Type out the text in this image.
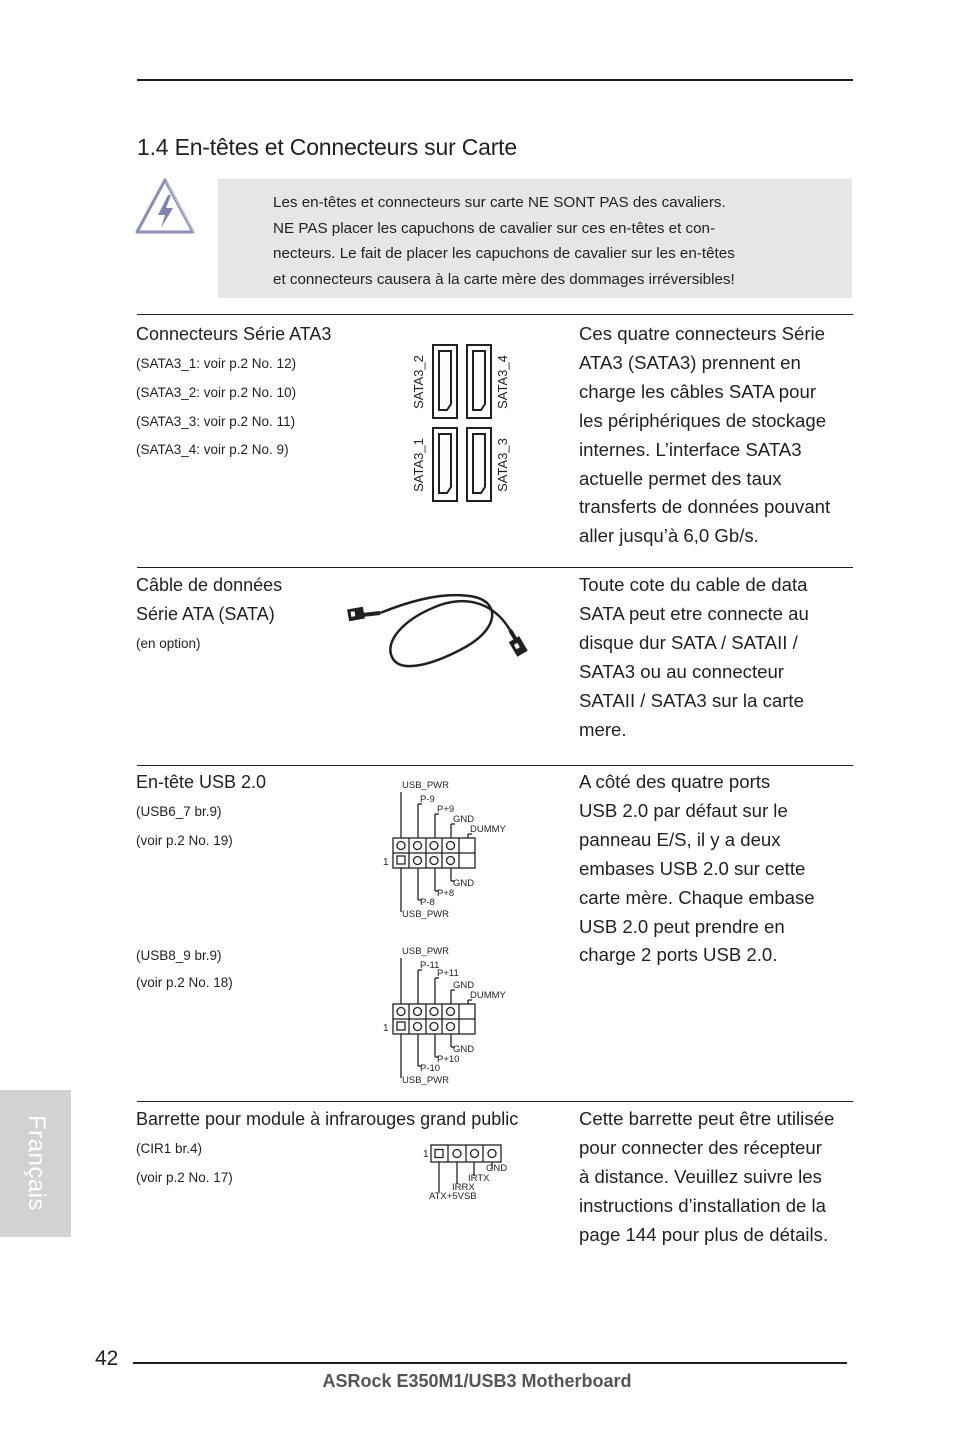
1.4 En-têtes et Connecteurs sur Carte
Les en-têtes et connecteurs sur carte NE SONT PAS des cavaliers.
NE PAS placer les capuchons de cavalier sur ces en-têtes et con-
necteurs. Le fait de placer les capuchons de cavalier sur les en-têtes
et connecteurs causera à la carte mère des dommages irréversibles!
Connecteurs Série ATA3
(SATA3_1: voir p.2 No. 12)
(SATA3_2: voir p.2 No. 10)
(SATA3_3: voir p.2 No. 11)
(SATA3_4: voir p.2 No. 9)
SATA3_2	SATA3_4
SATA3_1	SATA3_3
Ces quatre connecteurs Série
ATA3 (SATA3) prennent en
charge les câbles SATA pour
les périphériques de stockage
internes. L’interface SATA3
actuelle permet des taux
transferts de données pouvant
aller jusqu’à 6,0 Gb/s.
Câble de données
Série ATA (SATA)
(en option)
Toute cote du cable de data
SATA peut etre connecte au
disque dur SATA / SATAII /
SATA3 ou au connecteur
SATAII / SATA3 sur la carte
mere.
En-tête USB 2.0
(USB6_7 br.9)
(voir p.2 No. 19)
(USB8_9 br.9)
(voir p.2 No. 18)
USB_PWR
P-9
P+9
GND
DUMMY
1
GND
P+8
P-8
USB_PWR
USB_PWR
P-11
P+11
GND
DUMMY
1
GND
P+10
P-10
USB_PWR
A côté des quatre ports
USB 2.0 par défaut sur le
panneau E/S, il y a deux
embases USB 2.0 sur cette
carte mère. Chaque embase
USB 2.0 peut prendre en
charge 2 ports USB 2.0.
Barrette pour module à infrarouges grand public
(CIR1 br.4)
(voir p.2 No. 17)
1
GND
IRTX
IRRX
ATX+5VSB
Cette barrette peut être utilisée
pour connecter des récepteur
à distance. Veuillez suivre les
instructions d’installation de la
page 144 pour plus de détails.
Français
42
ASRock E350M1/USB3 Motherboard
